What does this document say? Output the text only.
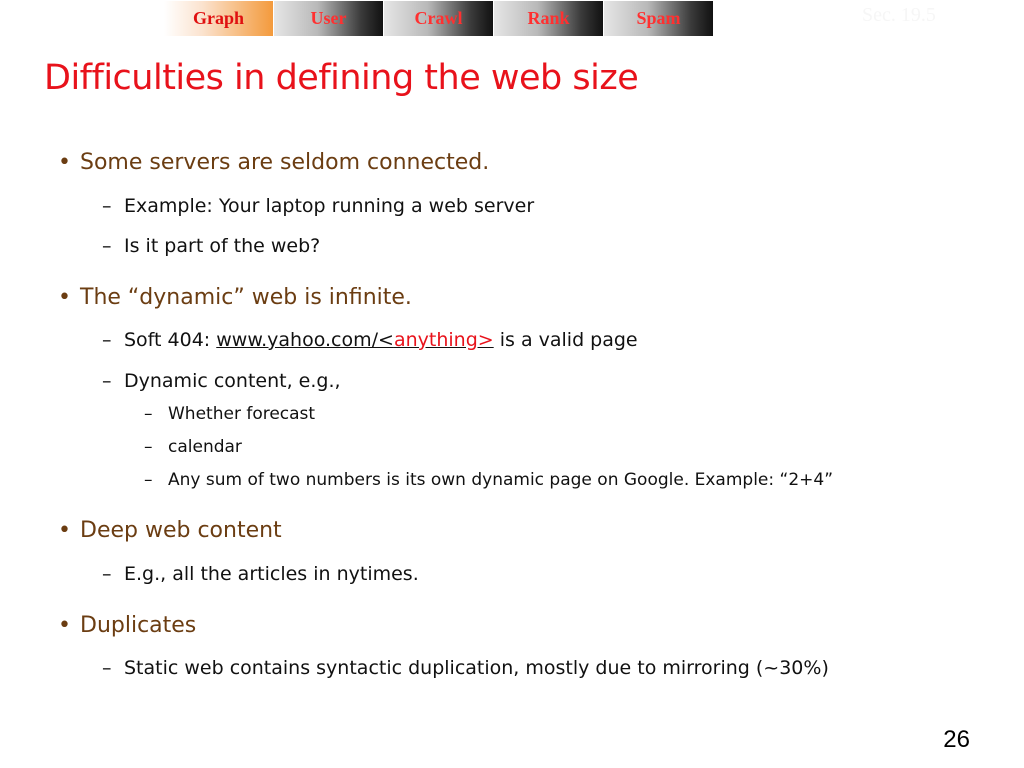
Graph	User	Crawl	Rank	Spam	Sec. 19.5
Difficulties in defining the web size
• Some servers are seldom connected.
– Example: Your laptop running a web server
– Is it part of the web?
• The “dynamic” web is infinite.
– Soft 404: www.yahoo.com/<anything> is a valid page
– Dynamic content, e.g.,
– Whether forecast
– calendar
– Any sum of two numbers is its own dynamic page on Google. Example: “2+4”
• Deep web content
– E.g., all the articles in nytimes.
• Duplicates
– Static web contains syntactic duplication, mostly due to mirroring (~30%)
26
